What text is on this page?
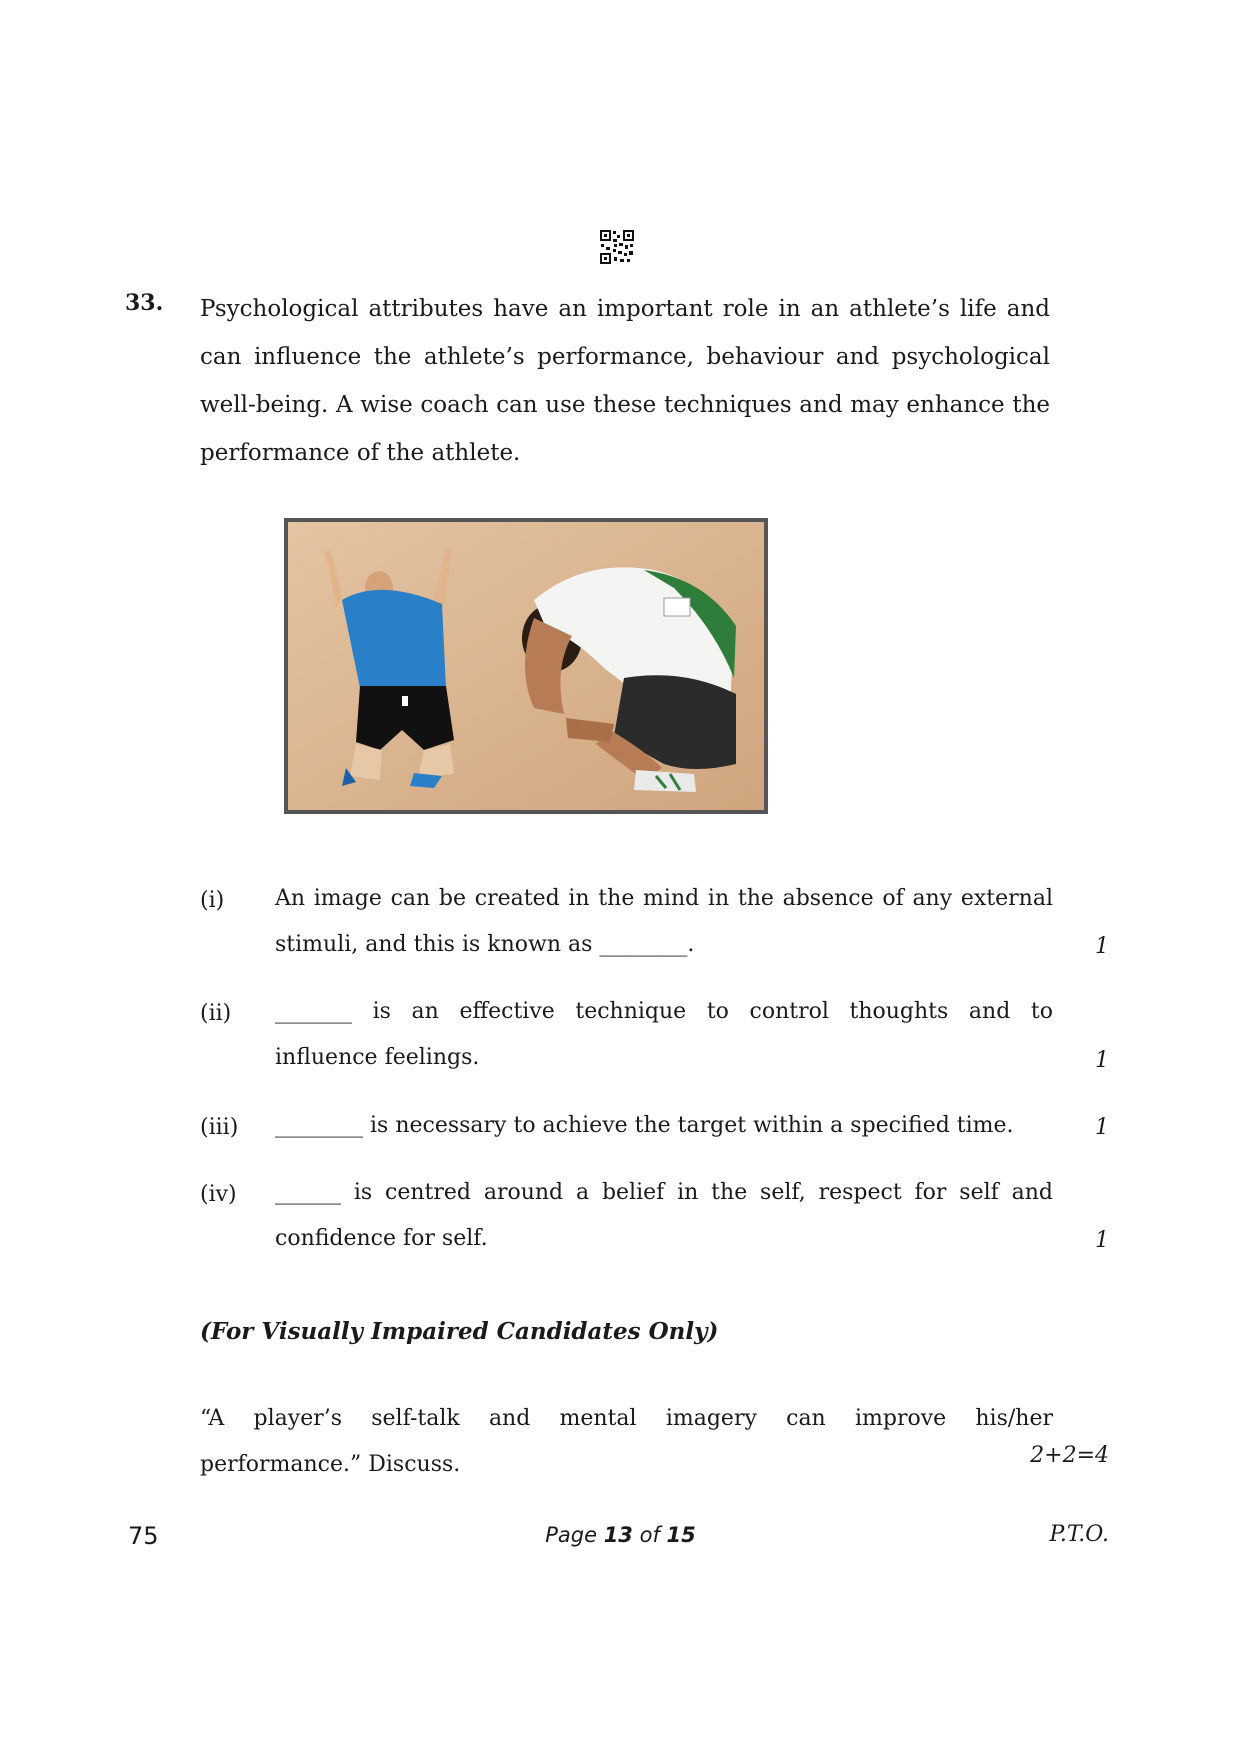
33. Psychological attributes have an important role in an athlete’s life and
can influence the athlete’s performance, behaviour and psychological
well-being. A wise coach can use these techniques and may enhance the
performance of the athlete.
(i) An image can be created in the mind in the absence of any external
stimuli, and this is known as ________.	1
(ii) _______ is an effective technique to control thoughts and to
influence feelings.	1
(iii) ________ is necessary to achieve the target within a specified time.	1
(iv) ______ is centred around a belief in the self, respect for self and
confidence for self.	1
(For Visually Impaired Candidates Only)
“A player’s self-talk and mental imagery can improve his/her
performance.” Discuss.	2+2=4
75	Page 13 of 15	P.T.O.
